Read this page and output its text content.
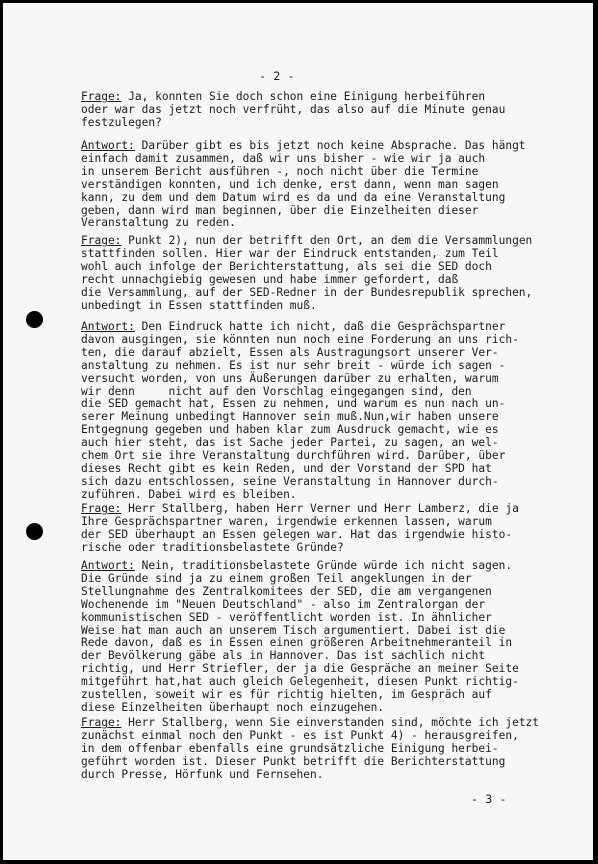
- 2 -
Frage: Ja, konnten Sie doch schon eine Einigung herbeiführen
oder war das jetzt noch verfrüht, das also auf die Minute genau
festzulegen?
Antwort: Darüber gibt es bis jetzt noch keine Absprache. Das hängt
einfach damit zusammen, daß wir uns bisher - wie wir ja auch
in unserem Bericht ausführen -, noch nicht über die Termine
verständigen konnten, und ich denke, erst dann, wenn man sagen
kann, zu dem und dem Datum wird es da und da eine Veranstaltung
geben, dann wird man beginnen, über die Einzelheiten dieser
Veranstaltung zu reden.
Frage: Punkt 2), nun der betrifft den Ort, an dem die Versammlungen
stattfinden sollen. Hier war der Eindruck entstanden, zum Teil
wohl auch infolge der Berichterstattung, als sei die SED doch
recht unnachgiebig gewesen und habe immer gefordert, daß
die Versammlung, auf der SED-Redner in der Bundesrepublik sprechen,
unbedingt in Essen stattfinden muß.
Antwort: Den Eindruck hatte ich nicht, daß die Gesprächspartner
davon ausgingen, sie könnten nun noch eine Forderung an uns rich-
ten, die darauf abzielt, Essen als Austragungsort unserer Ver-
anstaltung zu nehmen. Es ist nur sehr breit - würde ich sagen -
versucht worden, von uns Äußerungen darüber zu erhalten, warum
wir denn     nicht auf den Vorschlag eingegangen sind, den
die SED gemacht hat, Essen zu nehmen, und warum es nun nach un-
serer Meinung unbedingt Hannover sein muß.Nun,wir haben unsere
Entgegnung gegeben und haben klar zum Ausdruck gemacht, wie es
auch hier steht, das ist Sache jeder Partei, zu sagen, an wel-
chem Ort sie ihre Veranstaltung durchführen wird. Darüber, über
dieses Recht gibt es kein Reden, und der Vorstand der SPD hat
sich dazu entschlossen, seine Veranstaltung in Hannover durch-
zuführen. Dabei wird es bleiben.
Frage: Herr Stallberg, haben Herr Verner und Herr Lamberz, die ja
Ihre Gesprächspartner waren, irgendwie erkennen lassen, warum
der SED überhaupt an Essen gelegen war. Hat das irgendwie histo-
rische oder traditionsbelastete Gründe?
Antwort: Nein, traditionsbelastete Gründe würde ich nicht sagen.
Die Gründe sind ja zu einem großen Teil angeklungen in der
Stellungnahme des Zentralkomitees der SED, die am vergangenen
Wochenende im "Neuen Deutschland" - also im Zentralorgan der
kommunistischen SED - veröffentlicht worden ist. In ähnlicher
Weise hat man auch an unserem Tisch argumentiert. Dabei ist die
Rede davon, daß es in Essen einen größeren Arbeitnehmeranteil in
der Bevölkerung gäbe als in Hannover. Das ist sachlich nicht
richtig, und Herr Striefler, der ja die Gespräche an meiner Seite
mitgeführt hat,hat auch gleich Gelegenheit, diesen Punkt richtig-
zustellen, soweit wir es für richtig hielten, im Gespräch auf
diese Einzelheiten überhaupt noch einzugehen.
Frage: Herr Stallberg, wenn Sie einverstanden sind, möchte ich jetzt
zunächst einmal noch den Punkt - es ist Punkt 4) - herausgreifen,
in dem offenbar ebenfalls eine grundsätzliche Einigung herbei-
geführt worden ist. Dieser Punkt betrifft die Berichterstattung
durch Presse, Hörfunk und Fernsehen.
- 3 -
